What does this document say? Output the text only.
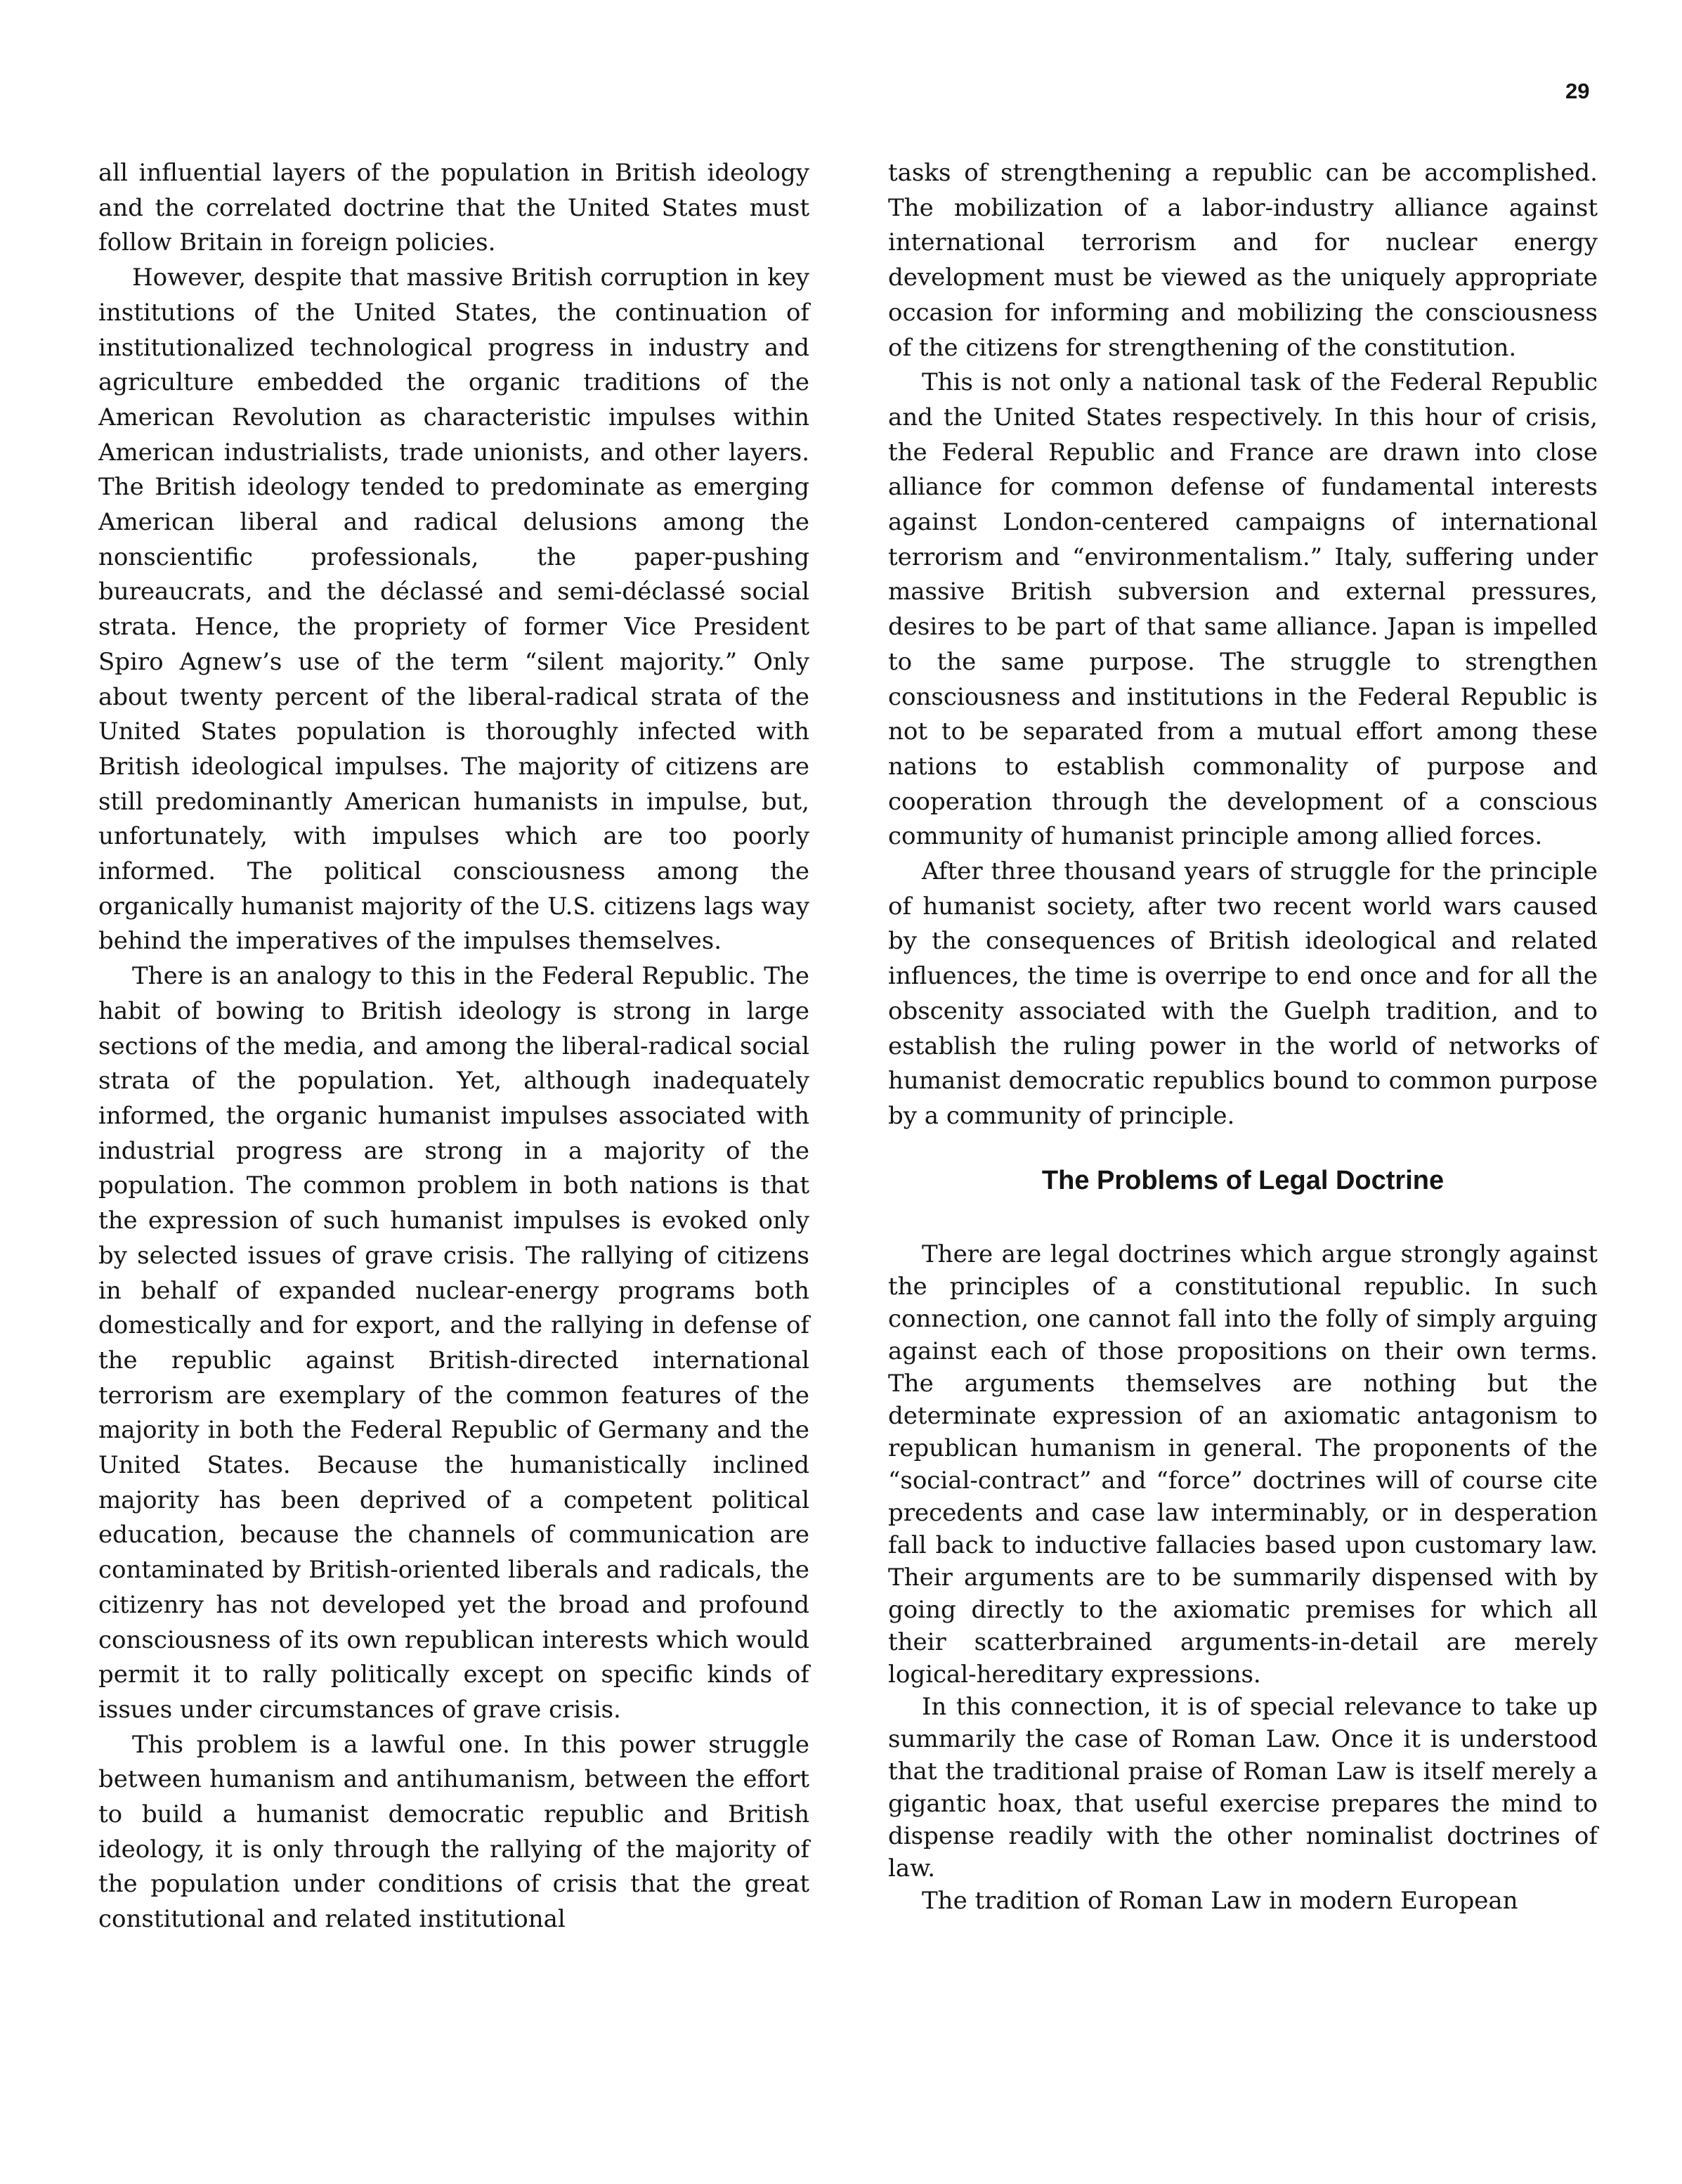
29

all influential layers of the population in British ideology and the correlated doctrine that the United States must follow Britain in foreign policies.

However, despite that massive British corruption in key institutions of the United States, the continuation of institutionalized technological progress in industry and agriculture embedded the organic traditions of the American Revolution as characteristic impulses within American industrialists, trade unionists, and other layers. The British ideology tended to predominate as emerging American liberal and radical delusions among the nonscientific professionals, the paper-pushing bureaucrats, and the déclassé and semi-déclassé social strata. Hence, the propriety of former Vice President Spiro Agnew’s use of the term “silent majority.” Only about twenty percent of the liberal-radical strata of the United States population is thoroughly infected with British ideological impulses. The majority of citizens are still predominantly American humanists in impulse, but, unfortunately, with impulses which are too poorly informed. The political consciousness among the organically humanist majority of the U.S. citizens lags way behind the imperatives of the impulses themselves.

There is an analogy to this in the Federal Republic. The habit of bowing to British ideology is strong in large sections of the media, and among the liberal-radical social strata of the population. Yet, although inadequately informed, the organic humanist impulses associated with industrial progress are strong in a majority of the population. The common problem in both nations is that the expression of such humanist impulses is evoked only by selected issues of grave crisis. The rallying of citizens in behalf of expanded nuclear-energy programs both domestically and for export, and the rallying in defense of the republic against British-directed international terrorism are exemplary of the common features of the majority in both the Federal Republic of Germany and the United States. Because the humanistically inclined majority has been deprived of a competent political education, because the channels of communication are contaminated by British-oriented liberals and radicals, the citizenry has not developed yet the broad and profound consciousness of its own republican interests which would permit it to rally politically except on specific kinds of issues under circumstances of grave crisis.

This problem is a lawful one. In this power struggle between humanism and antihumanism, between the effort to build a humanist democratic republic and British ideology, it is only through the rallying of the majority of the population under conditions of crisis that the great constitutional and related institutional

tasks of strengthening a republic can be accomplished. The mobilization of a labor-industry alliance against international terrorism and for nuclear energy development must be viewed as the uniquely appropriate occasion for informing and mobilizing the consciousness of the citizens for strengthening of the constitution.

This is not only a national task of the Federal Republic and the United States respectively. In this hour of crisis, the Federal Republic and France are drawn into close alliance for common defense of fundamental interests against London-centered campaigns of international terrorism and “environmentalism.” Italy, suffering under massive British subversion and external pressures, desires to be part of that same alliance. Japan is impelled to the same purpose. The struggle to strengthen consciousness and institutions in the Federal Republic is not to be separated from a mutual effort among these nations to establish commonality of purpose and cooperation through the development of a conscious community of humanist principle among allied forces.

After three thousand years of struggle for the principle of humanist society, after two recent world wars caused by the consequences of British ideological and related influences, the time is overripe to end once and for all the obscenity associated with the Guelph tradition, and to establish the ruling power in the world of networks of humanist democratic republics bound to common purpose by a community of principle.

The Problems of Legal Doctrine

There are legal doctrines which argue strongly against the principles of a constitutional republic. In such connection, one cannot fall into the folly of simply arguing against each of those propositions on their own terms. The arguments themselves are nothing but the determinate expression of an axiomatic antagonism to republican humanism in general. The proponents of the “social-contract” and “force” doctrines will of course cite precedents and case law interminably, or in desperation fall back to inductive fallacies based upon customary law. Their arguments are to be summarily dispensed with by going directly to the axiomatic premises for which all their scatterbrained arguments-in-detail are merely logical-hereditary expressions.

In this connection, it is of special relevance to take up summarily the case of Roman Law. Once it is understood that the traditional praise of Roman Law is itself merely a gigantic hoax, that useful exercise prepares the mind to dispense readily with the other nominalist doctrines of law.

The tradition of Roman Law in modern European
